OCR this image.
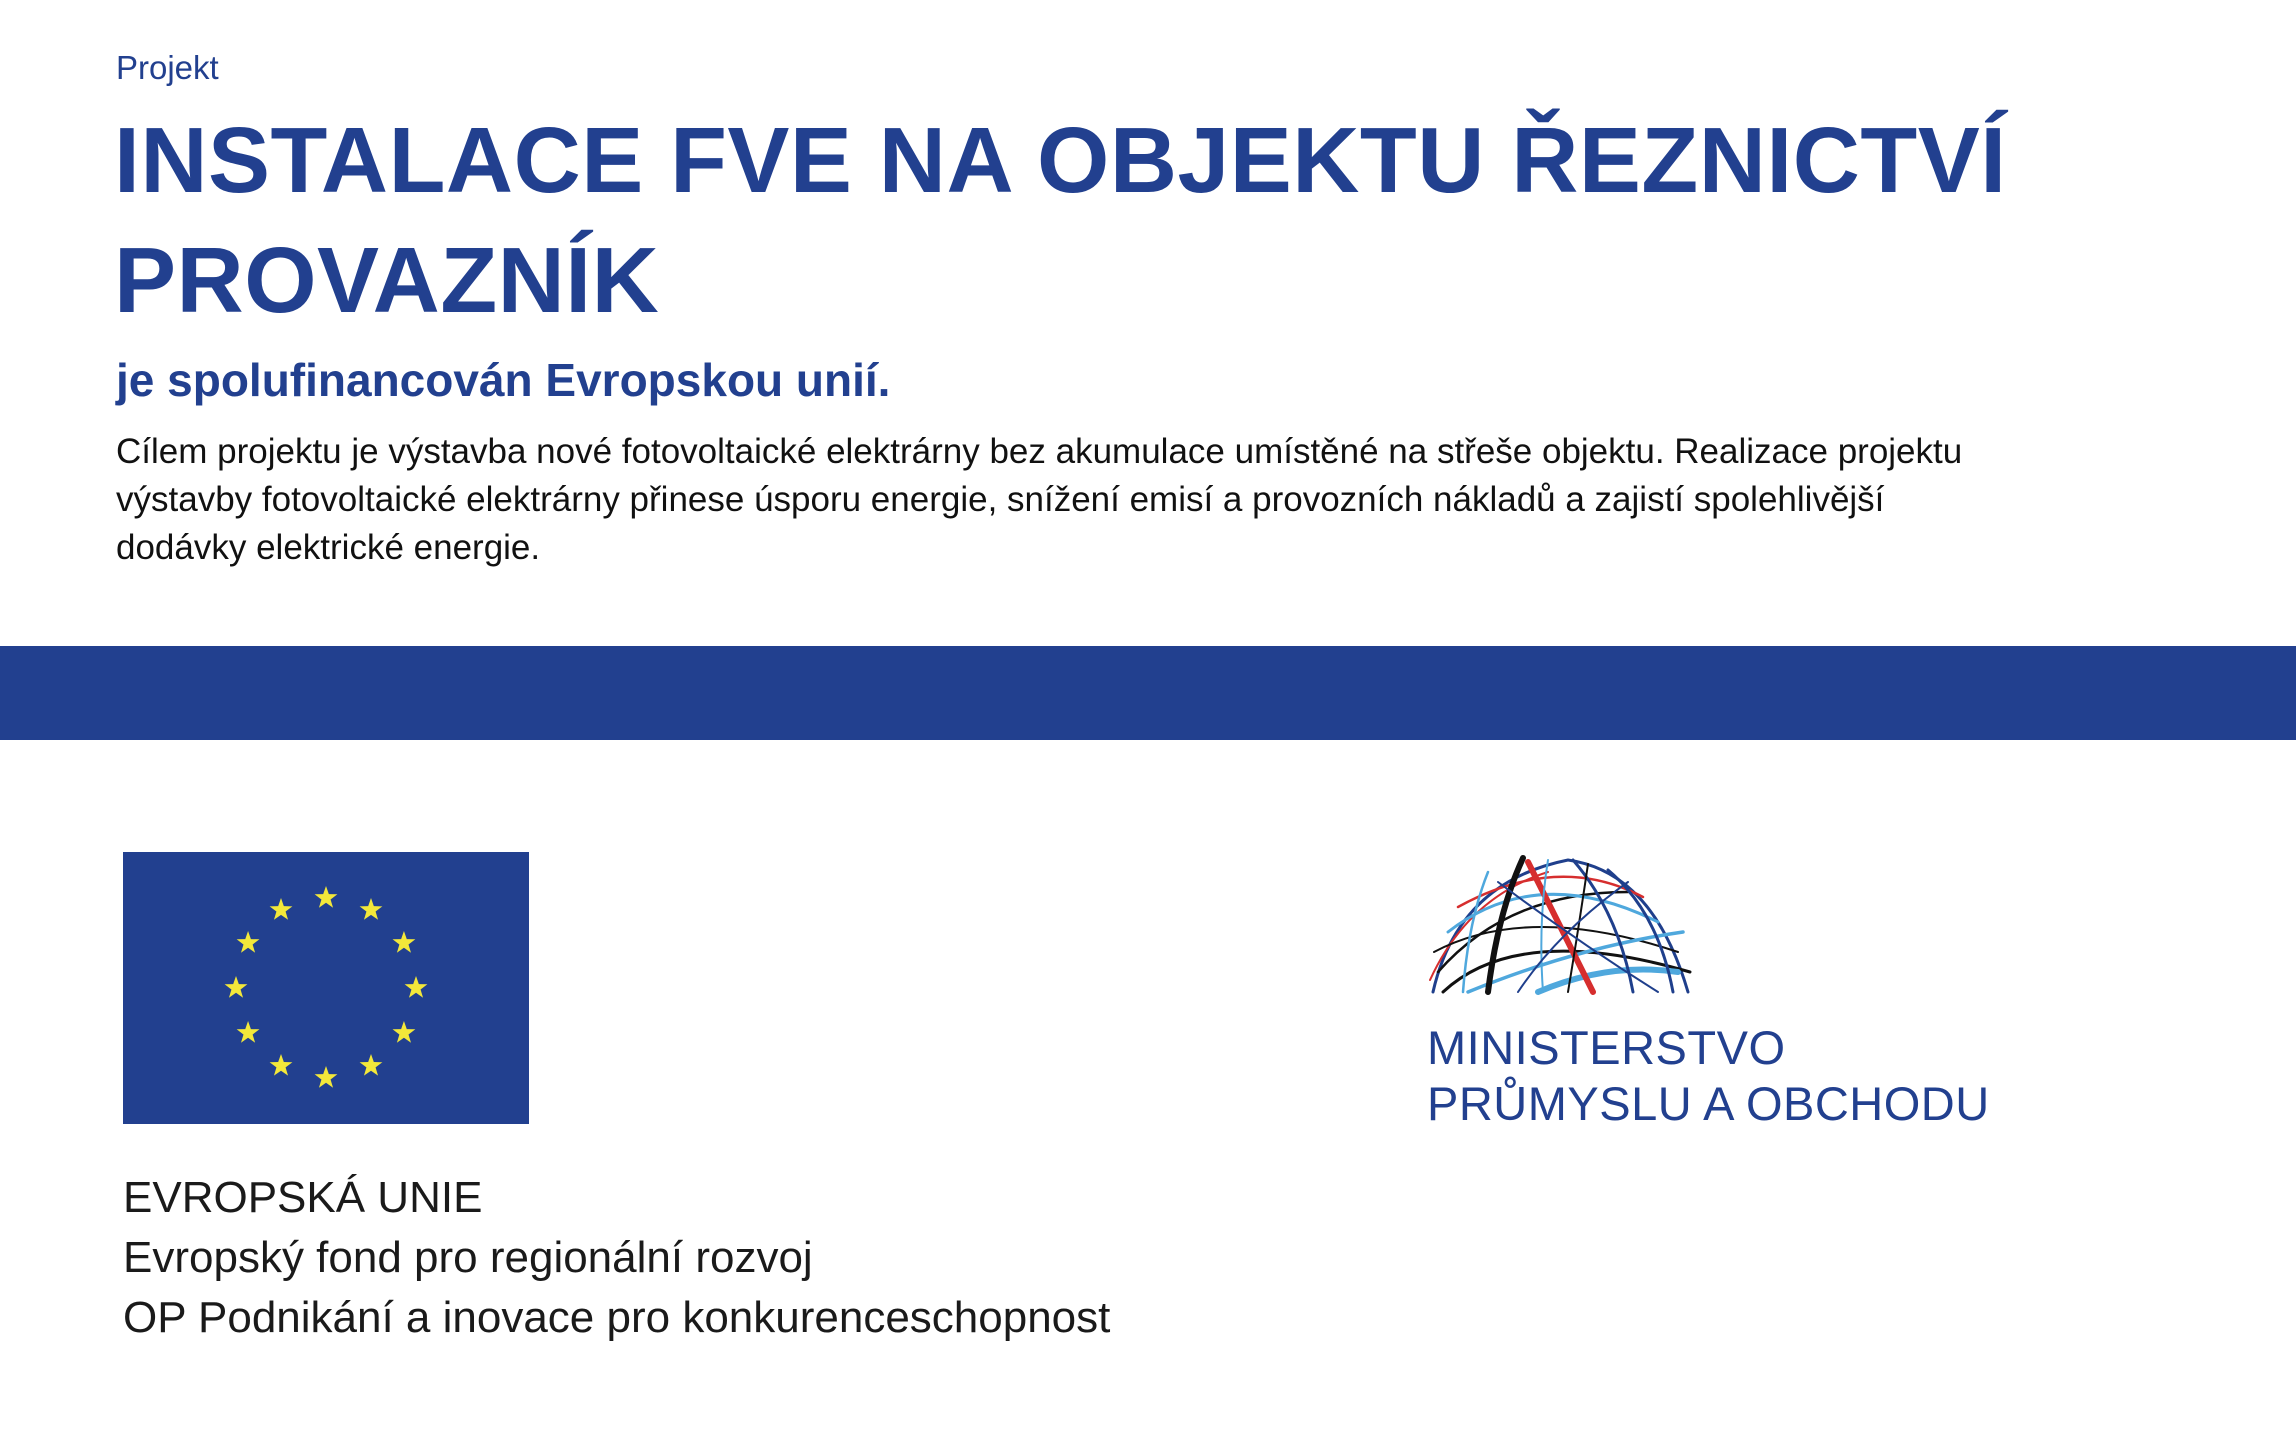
Projekt
INSTALACE FVE NA OBJEKTU ŘEZNICTVÍ
PROVAZNÍK
je spolufinancován Evropskou unií.
Cílem projektu je výstavba nové fotovoltaické elektrárny bez akumulace umístěné na střeše objektu. Realizace projektu
výstavby fotovoltaické elektrárny přinese úsporu energie, snížení emisí a provozních nákladů a zajistí spolehlivější
dodávky elektrické energie.
EVROPSKÁ UNIE
Evropský fond pro regionální rozvoj
OP Podnikání a inovace pro konkurenceschopnost
MINISTERSTVO
PRŮMYSLU A OBCHODU
